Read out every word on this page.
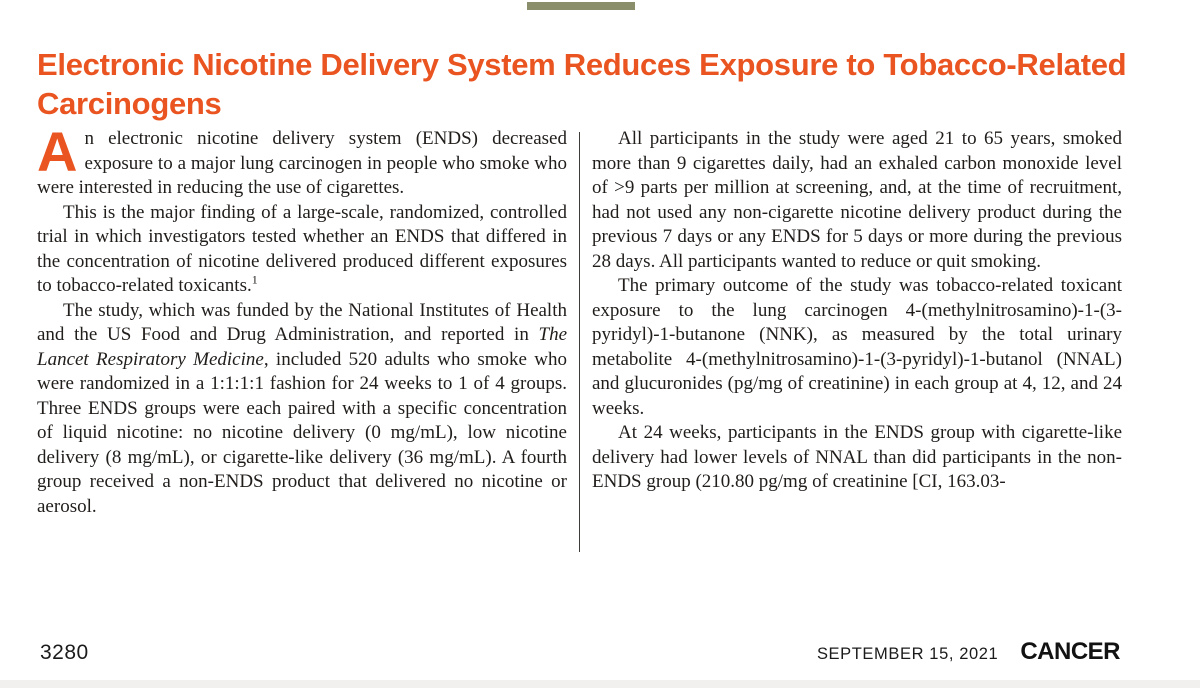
Electronic Nicotine Delivery System Reduces Exposure to Tobacco-Related Carcinogens

An electronic nicotine delivery system (ENDS) decreased exposure to a major lung carcinogen in people who smoke who were interested in reducing the use of cigarettes.

This is the major finding of a large-scale, randomized, controlled trial in which investigators tested whether an ENDS that differed in the concentration of nicotine delivered produced different exposures to tobacco-related toxicants.$^1$

The study, which was funded by the National Institutes of Health and the US Food and Drug Administration, and reported in The Lancet Respiratory Medicine, included 520 adults who smoke who were randomized in a 1:1:1:1 fashion for 24 weeks to 1 of 4 groups. Three ENDS groups were each paired with a specific concentration of liquid nicotine: no nicotine delivery (0 mg/mL), low nicotine delivery (8 mg/mL), or cigarette-like delivery (36 mg/mL). A fourth group received a non-ENDS product that delivered no nicotine or aerosol.

All participants in the study were aged 21 to 65 years, smoked more than 9 cigarettes daily, had an exhaled carbon monoxide level of >9 parts per million at screening, and, at the time of recruitment, had not used any non-cigarette nicotine delivery product during the previous 7 days or any ENDS for 5 days or more during the previous 28 days. All participants wanted to reduce or quit smoking.

The primary outcome of the study was tobacco-related toxicant exposure to the lung carcinogen 4-(methylnitrosamino)-1-(3-pyridyl)-1-butanone (NNK), as measured by the total urinary metabolite 4-(methylnitrosamino)-1-(3-pyridyl)-1-butanol (NNAL) and glucuronides (pg/mg of creatinine) in each group at 4, 12, and 24 weeks.

At 24 weeks, participants in the ENDS group with cigarette-like delivery had lower levels of NNAL than did participants in the non-ENDS group (210.80 pg/mg of creatinine [CI, 163.03-

3280	SEPTEMBER 15, 2021 CANCER
